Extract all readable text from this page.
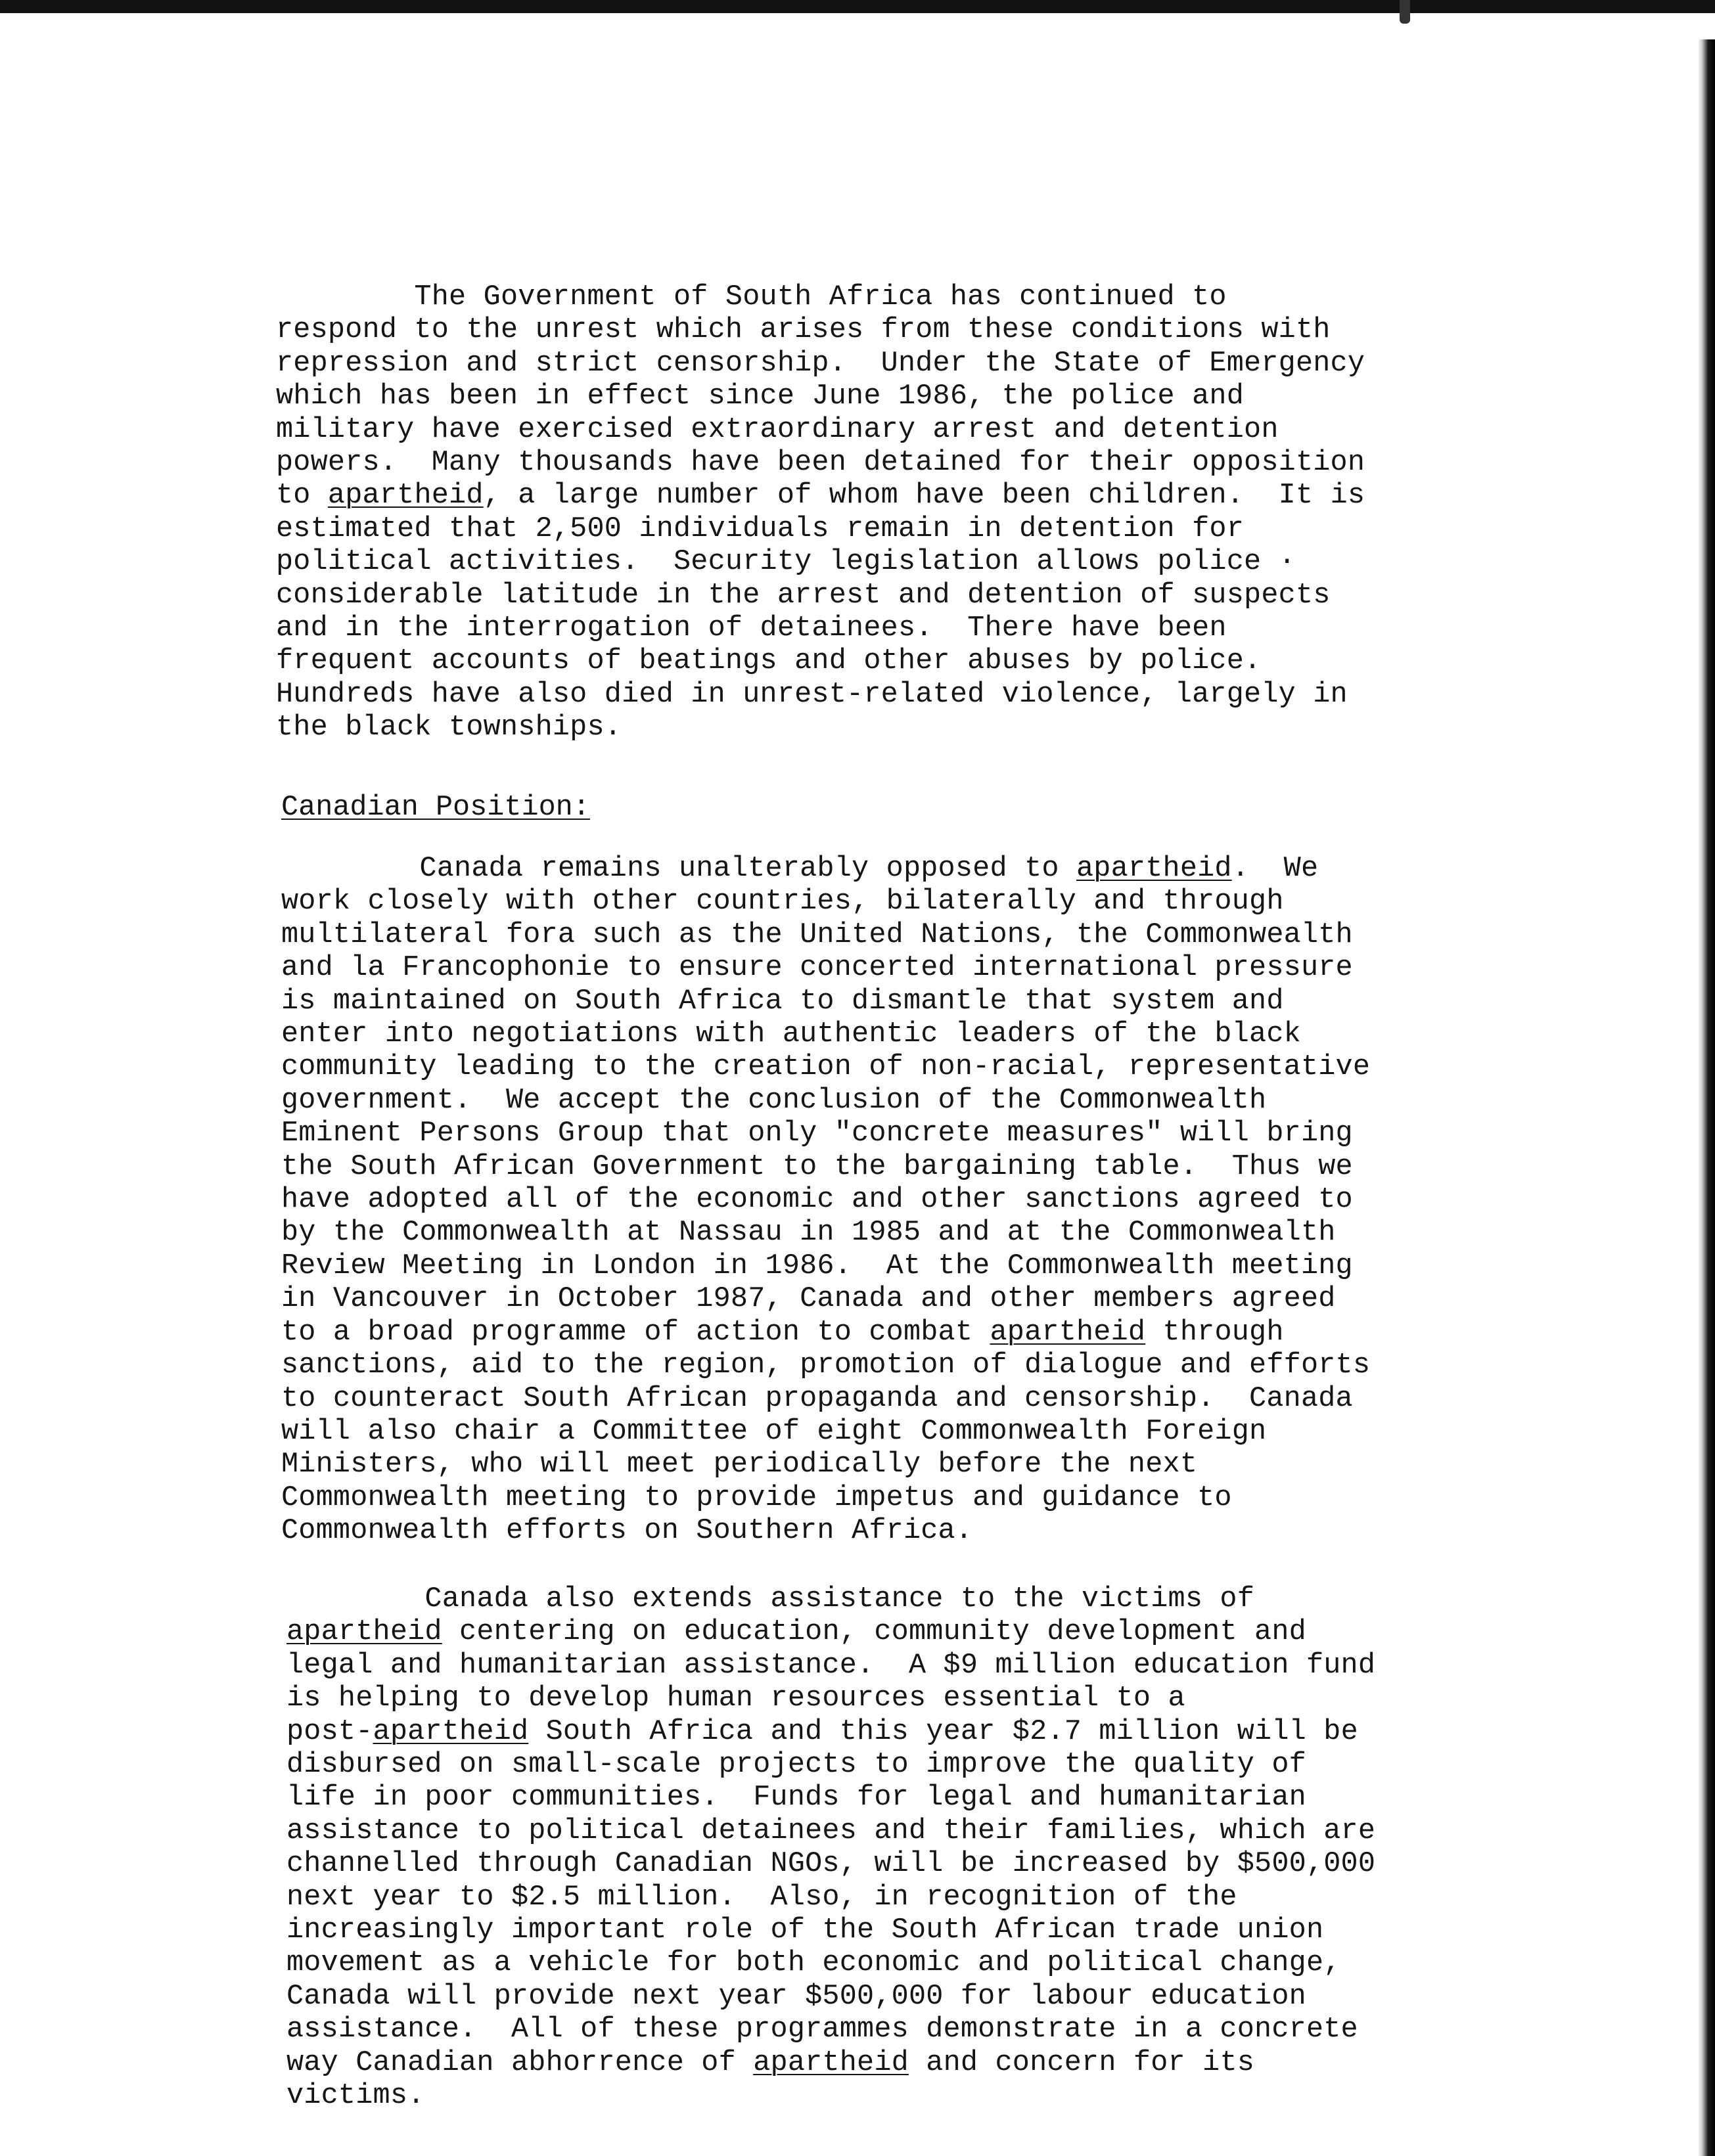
The Government of South Africa has continued to
respond to the unrest which arises from these conditions with
repression and strict censorship.  Under the State of Emergency
which has been in effect since June 1986, the police and
military have exercised extraordinary arrest and detention
powers.  Many thousands have been detained for their opposition
to apartheid, a large number of whom have been children.  It is
estimated that 2,500 individuals remain in detention for
political activities.  Security legislation allows police ·
considerable latitude in the arrest and detention of suspects
and in the interrogation of detainees.  There have been
frequent accounts of beatings and other abuses by police.
Hundreds have also died in unrest-related violence, largely in
the black townships.
Canadian Position:
Canada remains unalterably opposed to apartheid.  We
work closely with other countries, bilaterally and through
multilateral fora such as the United Nations, the Commonwealth
and la Francophonie to ensure concerted international pressure
is maintained on South Africa to dismantle that system and
enter into negotiations with authentic leaders of the black
community leading to the creation of non-racial, representative
government.  We accept the conclusion of the Commonwealth
Eminent Persons Group that only "concrete measures" will bring
the South African Government to the bargaining table.  Thus we
have adopted all of the economic and other sanctions agreed to
by the Commonwealth at Nassau in 1985 and at the Commonwealth
Review Meeting in London in 1986.  At the Commonwealth meeting
in Vancouver in October 1987, Canada and other members agreed
to a broad programme of action to combat apartheid through
sanctions, aid to the region, promotion of dialogue and efforts
to counteract South African propaganda and censorship.  Canada
will also chair a Committee of eight Commonwealth Foreign
Ministers, who will meet periodically before the next
Commonwealth meeting to provide impetus and guidance to
Commonwealth efforts on Southern Africa.
Canada also extends assistance to the victims of
apartheid centering on education, community development and
legal and humanitarian assistance.  A $9 million education fund
is helping to develop human resources essential to a
post-apartheid South Africa and this year $2.7 million will be
disbursed on small-scale projects to improve the quality of
life in poor communities.  Funds for legal and humanitarian
assistance to political detainees and their families, which are
channelled through Canadian NGOs, will be increased by $500,000
next year to $2.5 million.  Also, in recognition of the
increasingly important role of the South African trade union
movement as a vehicle for both economic and political change,
Canada will provide next year $500,000 for labour education
assistance.  All of these programmes demonstrate in a concrete
way Canadian abhorrence of apartheid and concern for its
victims.
